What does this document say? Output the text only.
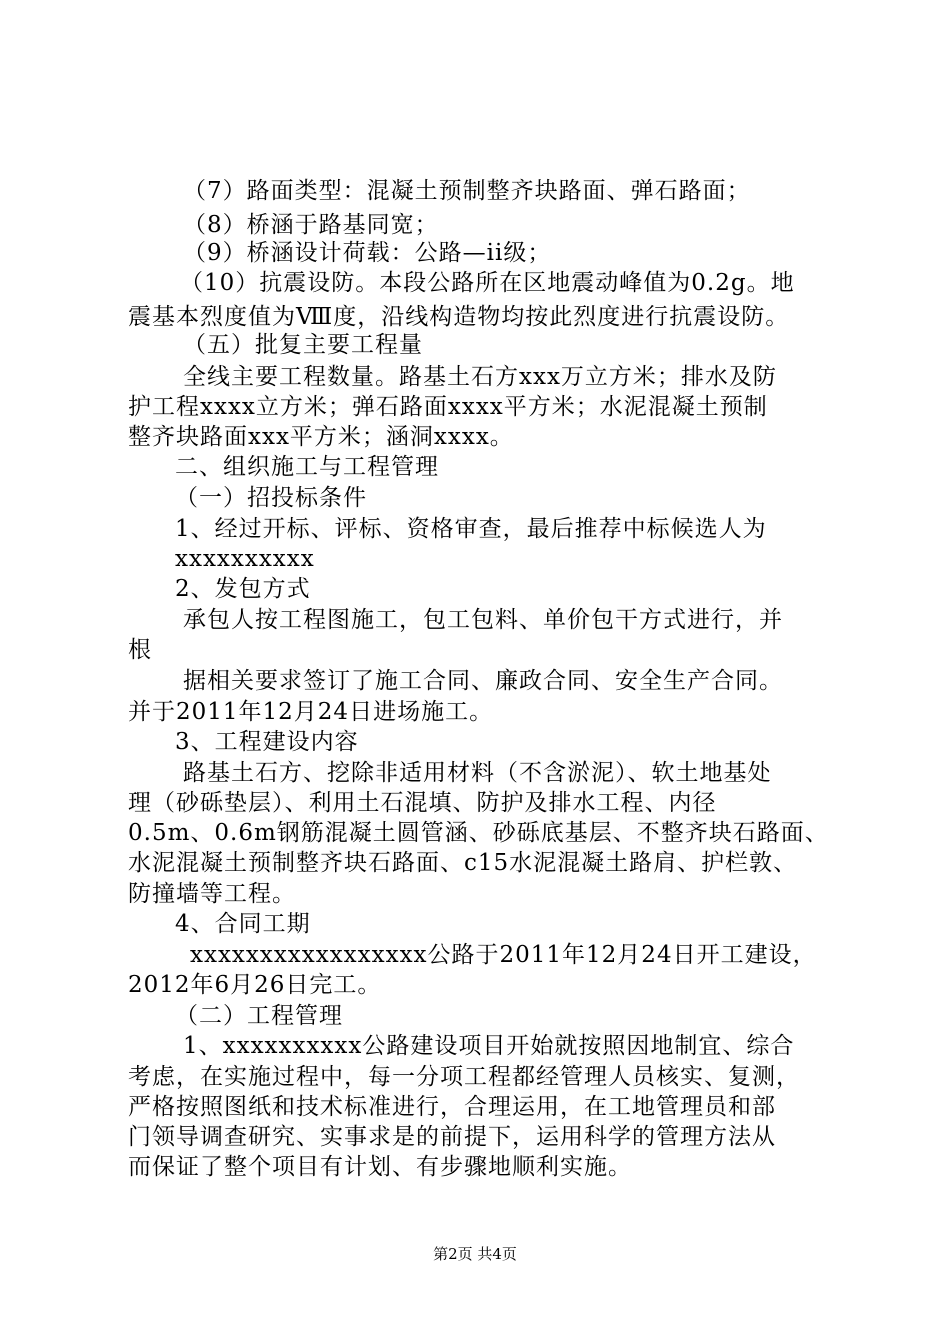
（7）路面类型：混凝土预制整齐块路面、弹石路面；
（8）桥涵于路基同宽；
（9）桥涵设计荷载：公路—ii级；
（10）抗震设防。本段公路所在区地震动峰值为0.2g。地
震基本烈度值为Ⅷ度，沿线构造物均按此烈度进行抗震设防。
（五）批复主要工程量
全线主要工程数量。路基土石方xxx万立方米；排水及防
护工程xxxx立方米；弹石路面xxxx平方米；水泥混凝土预制
整齐块路面xxx平方米；涵洞xxxx。
二、组织施工与工程管理
（一）招投标条件
1、经过开标、评标、资格审查，最后推荐中标候选人为
xxxxxxxxxx
2、发包方式
承包人按工程图施工，包工包料、单价包干方式进行，并
根
据相关要求签订了施工合同、廉政合同、安全生产合同。
并于2011年12月24日进场施工。
3、工程建设内容
路基土石方、挖除非适用材料（不含淤泥）、软土地基处
理（砂砾垫层）、利用土石混填、防护及排水工程、内径
0.5m、0.6m钢筋混凝土圆管涵、砂砾底基层、不整齐块石路面、
水泥混凝土预制整齐块石路面、c15水泥混凝土路肩、护栏敦、
防撞墙等工程。
4、合同工期
xxxxxxxxxxxxxxxxx公路于2011年12月24日开工建设，
2012年6月26日完工。
（二）工程管理
1、xxxxxxxxxx公路建设项目开始就按照因地制宜、综合
考虑，在实施过程中，每一分项工程都经管理人员核实、复测，
严格按照图纸和技术标准进行，合理运用，在工地管理员和部
门领导调查研究、实事求是的前提下，运用科学的管理方法从
而保证了整个项目有计划、有步骤地顺利实施。
第2页 共4页
